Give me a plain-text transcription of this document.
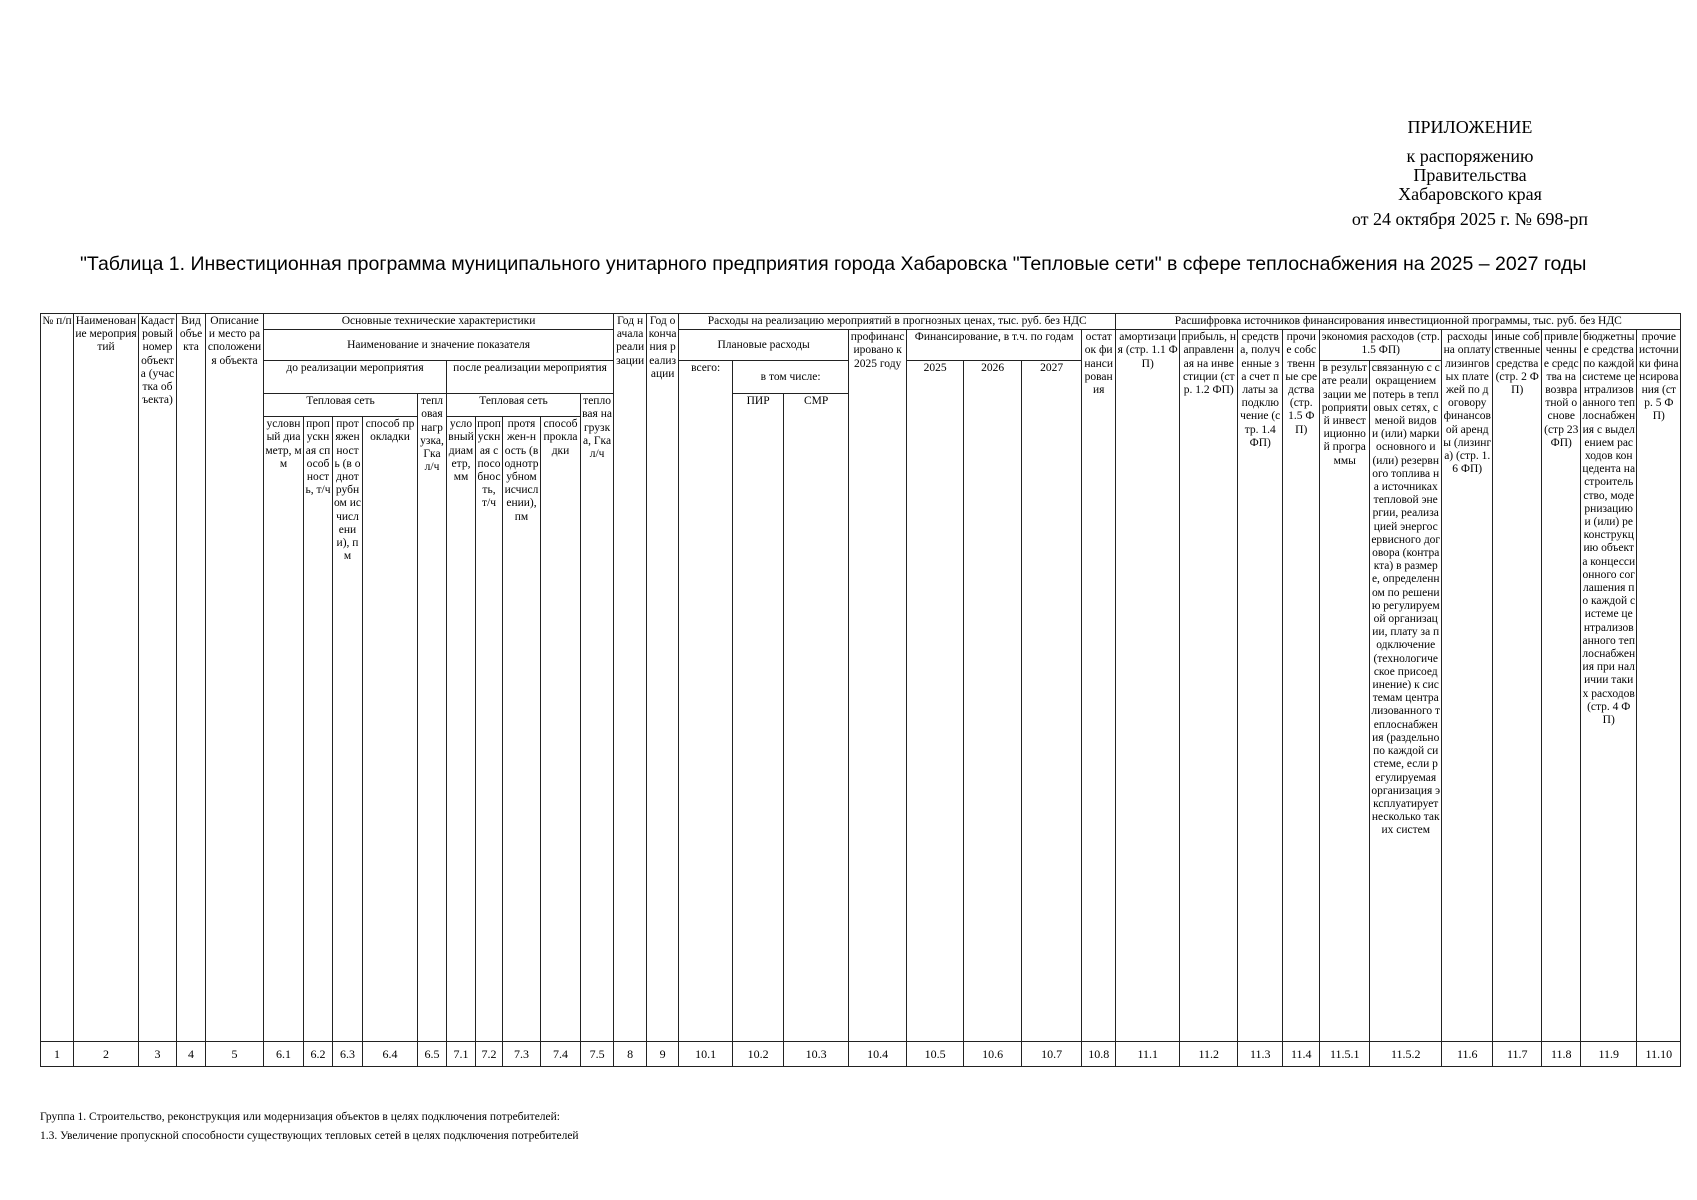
ПРИЛОЖЕНИЕ
к распоряжению
Правительства
Хабаровского края
от 24 октября 2025 г. № 698-рп
"Таблица 1. Инвестиционная программа муниципального унитарного предприятия города Хабаровска "Тепловые сети" в сфере теплоснабжения на 2025 – 2027 годы
№ п/п	Наименование мероприятий	Кадастровый номер объекта (участка объекта)	Вид объекта	Описание и место расположения объекта	Основные технические характеристики										Год начала реализации	Год окончания реализации	Расходы на реализацию мероприятий в прогнозных ценах, тыс. руб. без НДС								Расшифровка источников финансирования инвестиционной программы, тыс. руб. без НДС										
					Наименование и значение показателя												Плановые расходы			профинансировано к 2025 году	Финансирование, в т.ч. по годам			остаток финансирования	амортизация (стр. 1.1 ФП)	прибыль, направленная на инвестиции (стр. 1.2 ФП)	средства, полученные за счет платы за подключение (стр. 1.4 ФП)	прочие собственные средства (стр. 1.5 ФП)	экономия расходов (стр. 1.5 ФП)		расходы на оплату лизинговых платежей по договору финансовой аренды (лизинга) (стр. 1.6 ФП)	иные собственные средства (стр. 2 ФП)	привлеченные средства на возвратной основе (стр 23 ФП)	бюджетные средства по каждой системе централизованного теплоснабжения с выделением расходов концедента на строительство, модернизацию и (или) реконструкцию объекта концессионного соглашения по каждой системе централизованного теплоснабжения при наличии таких расходов (стр. 4 ФП)	прочие источники финансирования (стр. 5 ФП)
					до реализации мероприятия					после реализации мероприятия							всего:	в том числе:			2025	2026	2027						в результате реализации мероприятий инвестиционной программы	связанную с сокращением потерь в тепловых сетях, сменой видов и (или) марки основного и (или) резервного топлива на источниках тепловой энергии, реализацией энергосервисного договора (контракта) в размере, определенном по решению регулируемой организации, плату за подключение (технологическое присоединение) к системам централизованного теплоснабжения (раздельно по каждой системе, если регулируемая организация эксплуатирует несколько таких систем					
					Тепловая сеть				тепловая нагрузка, Гкал/ч	Тепловая сеть				тепловая нагрузка, Гкал/ч				ПИР	СМР																
					условный диаметр, мм	пропускная способность, т/ч	протяженность (в однотрубном исчислении), пм	способ прокладки		условный диаметр, мм	пропускная способность, т/ч	протяжен-ность (в однотрубном исчислении), пм	способ прокладки																						
1	2	3	4	5	6.1	6.2	6.3	6.4	6.5	7.1	7.2	7.3	7.4	7.5	8	9	10.1	10.2	10.3	10.4	10.5	10.6	10.7	10.8	11.1	11.2	11.3	11.4	11.5.1	11.5.2	11.6	11.7	11.8	11.9	11.10
Группа 1. Строительство, реконструкция или модернизация объектов в целях подключения потребителей:
1.3. Увеличение пропускной способности существующих тепловых сетей в целях подключения потребителей
